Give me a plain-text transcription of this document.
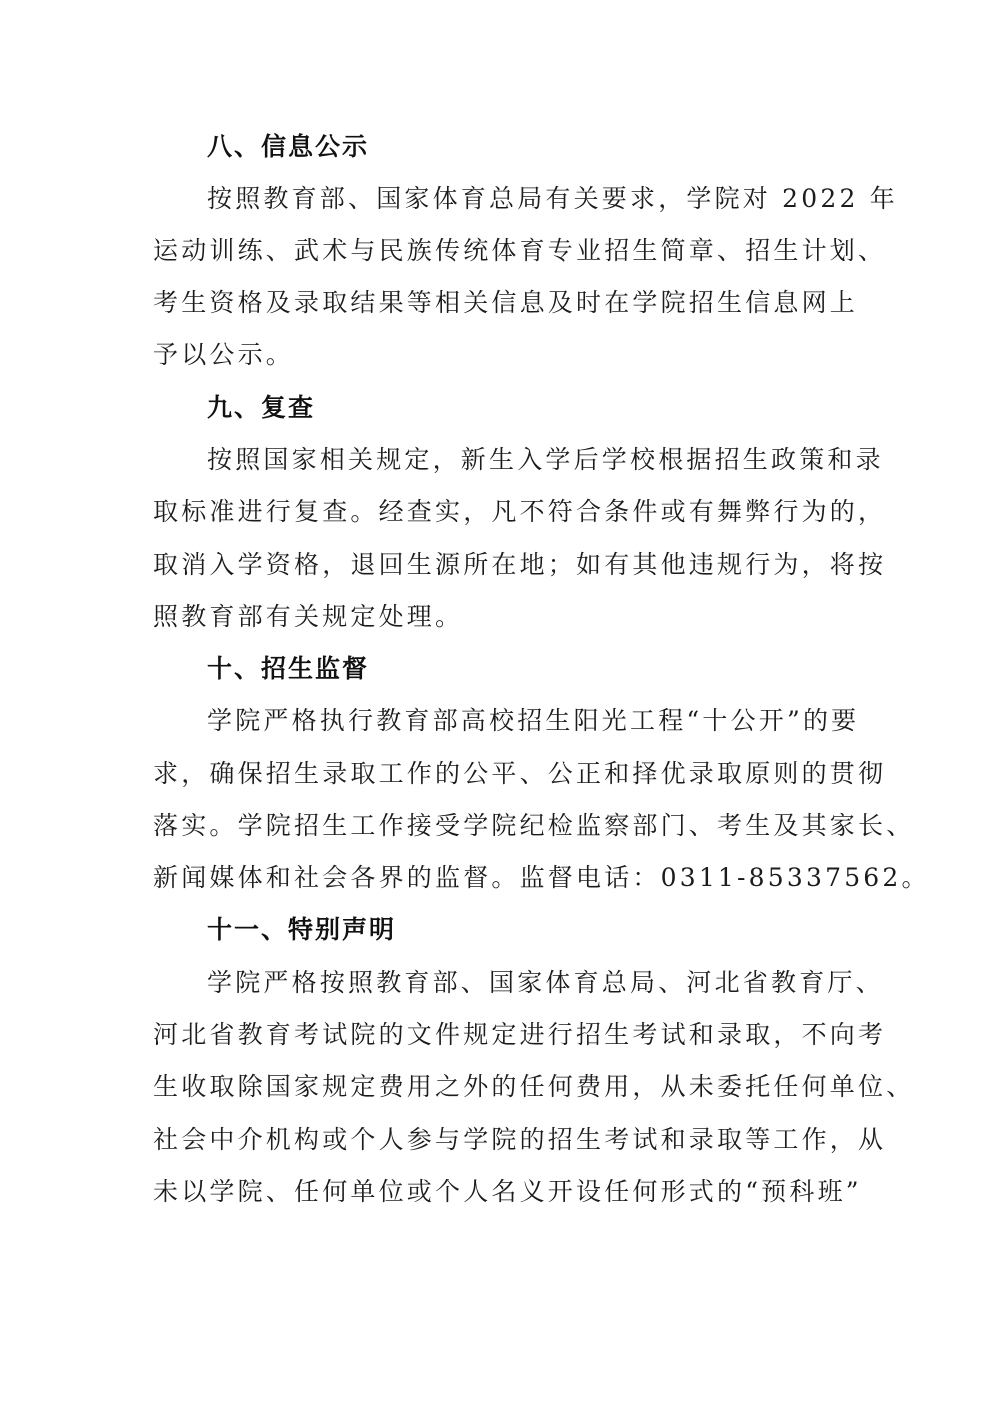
八、信息公示
按照教育部、国家体育总局有关要求，学院对 2022 年
运动训练、武术与民族传统体育专业招生简章、招生计划、
考生资格及录取结果等相关信息及时在学院招生信息网上
予以公示。
九、复查
按照国家相关规定，新生入学后学校根据招生政策和录
取标准进行复查。经查实，凡不符合条件或有舞弊行为的，
取消入学资格，退回生源所在地；如有其他违规行为，将按
照教育部有关规定处理。
十、招生监督
学院严格执行教育部高校招生阳光工程“十公开”的要
求，确保招生录取工作的公平、公正和择优录取原则的贯彻
落实。学院招生工作接受学院纪检监察部门、考生及其家长、
新闻媒体和社会各界的监督。监督电话：0311-85337562。
十一、特别声明
学院严格按照教育部、国家体育总局、河北省教育厅、
河北省教育考试院的文件规定进行招生考试和录取，不向考
生收取除国家规定费用之外的任何费用，从未委托任何单位、
社会中介机构或个人参与学院的招生考试和录取等工作，从
未以学院、任何单位或个人名义开设任何形式的“预科班”
